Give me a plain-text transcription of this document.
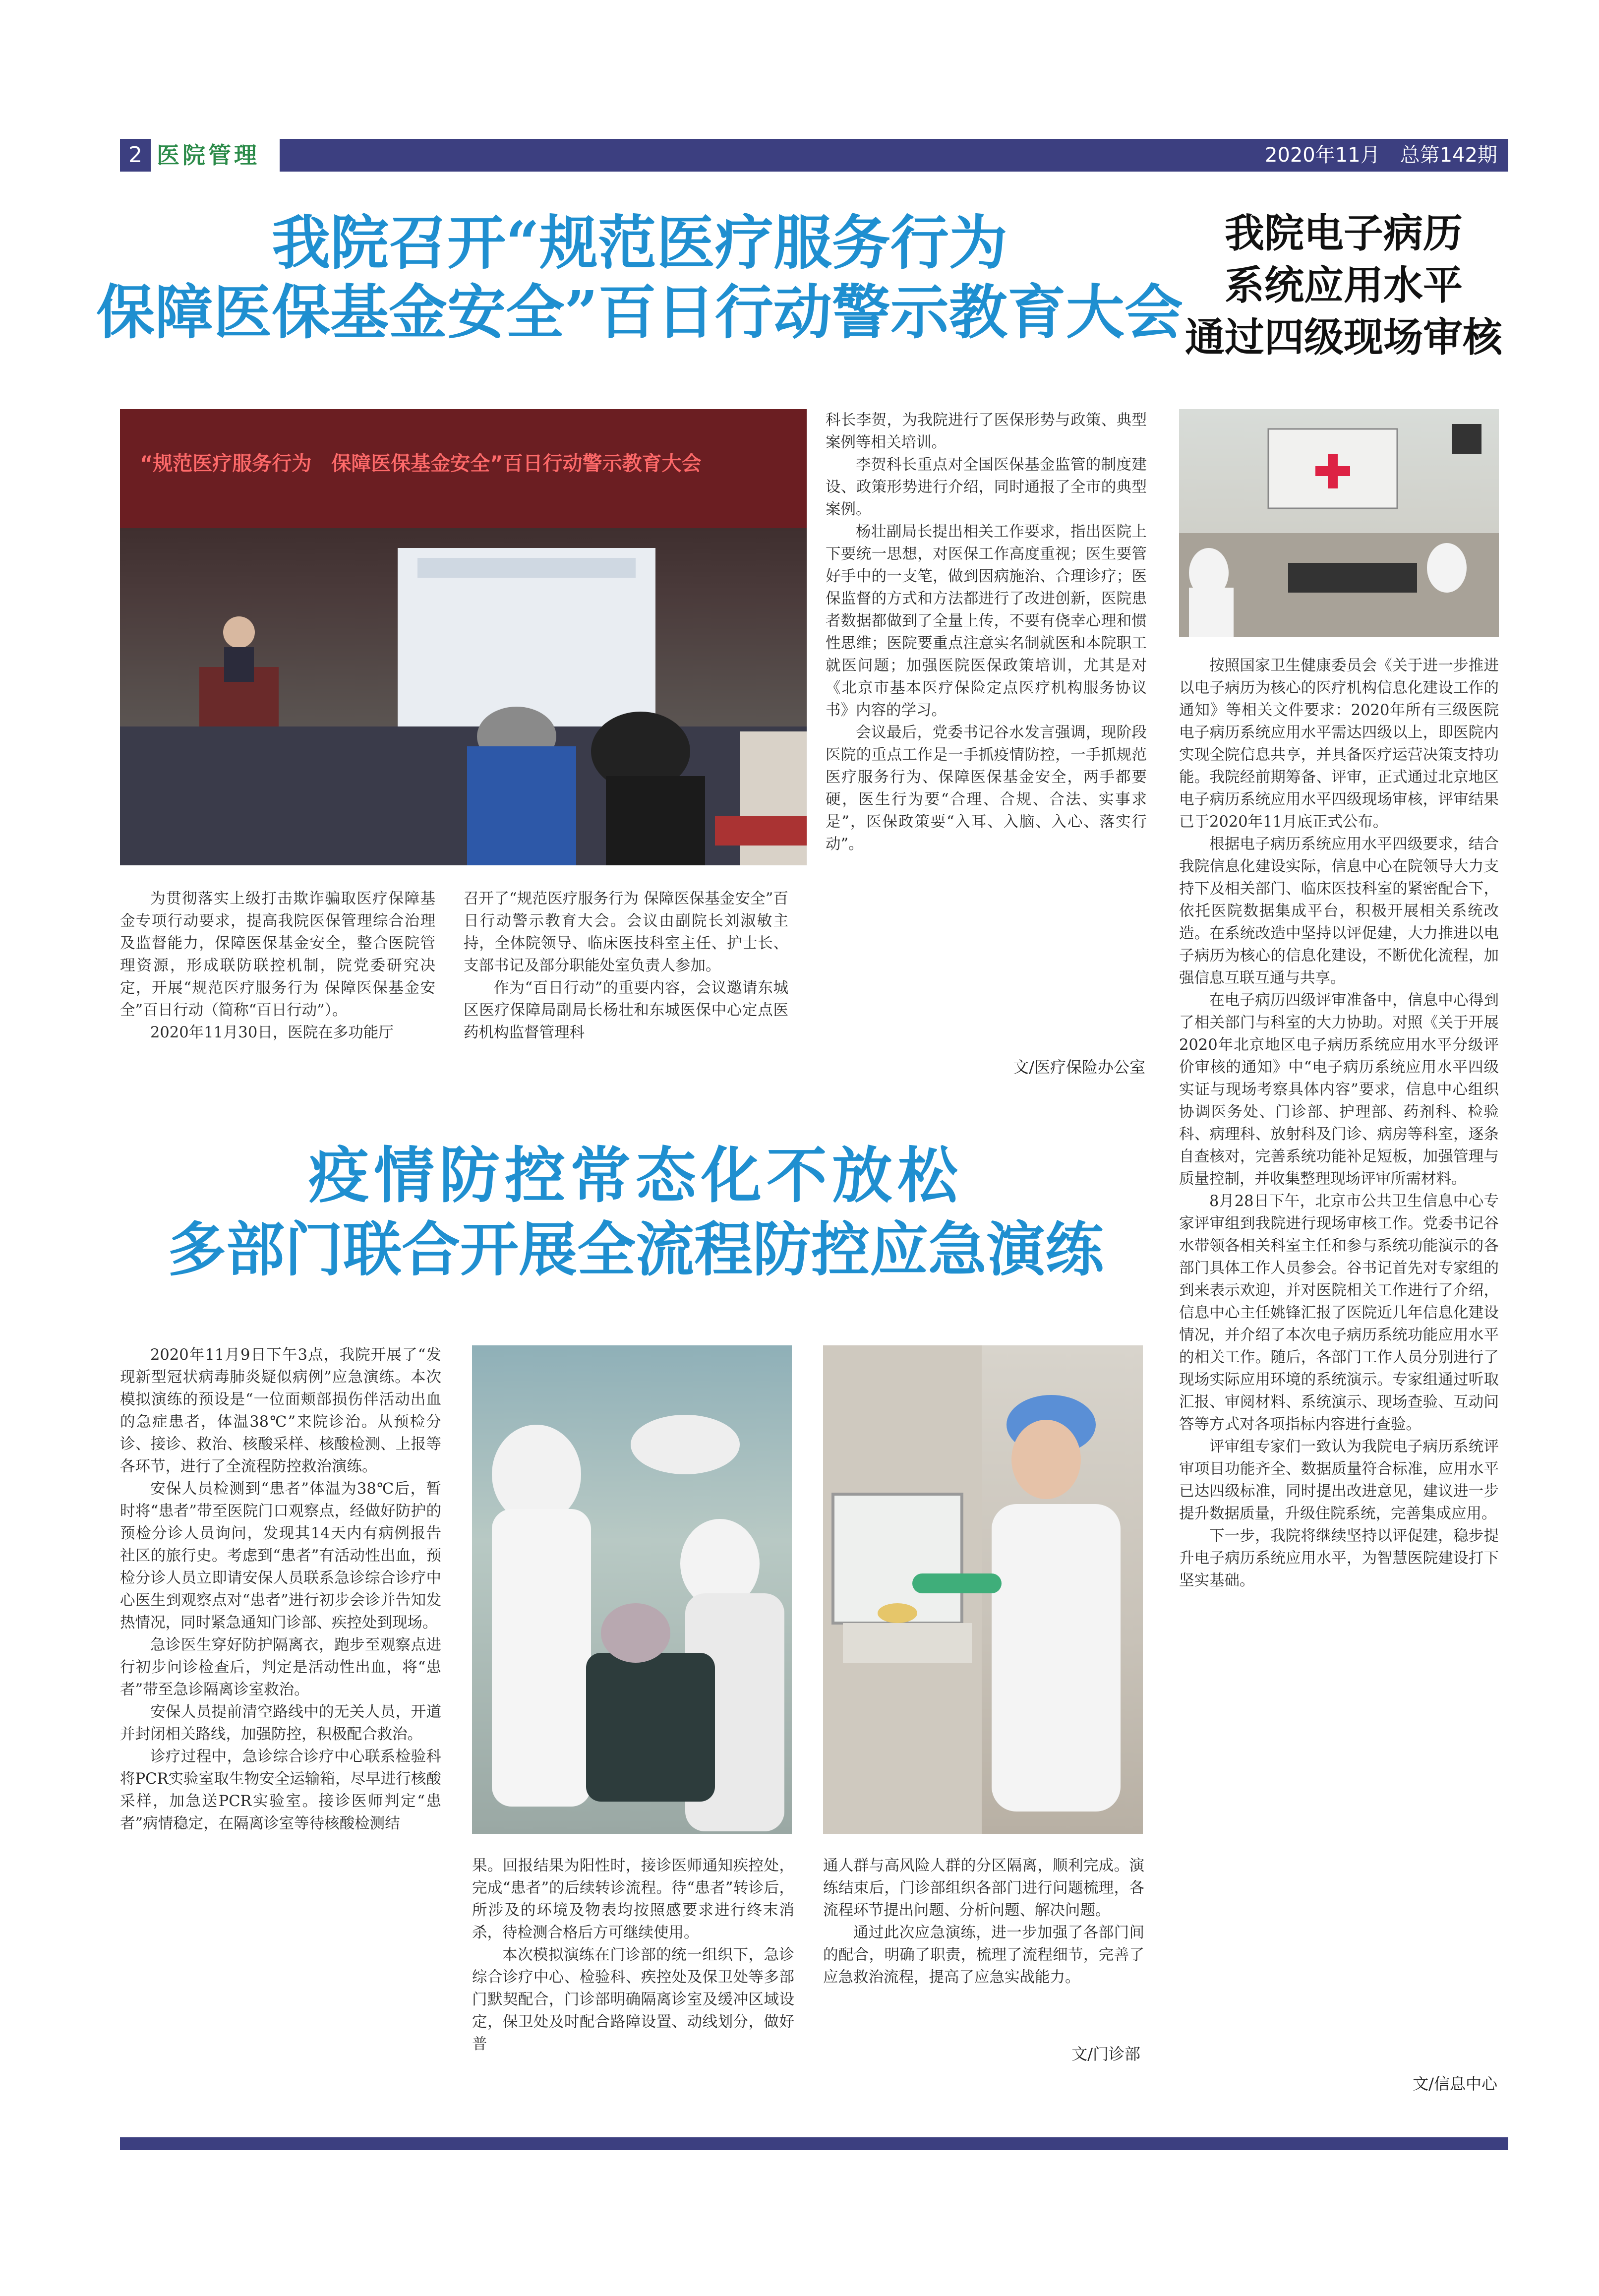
2 医院管理	2020年11月　总第142期
我院召开“规范医疗服务行为
保障医保基金安全”百日行动警示教育大会
“规范医疗服务行为　保障医保基金安全”百日行动警示教育大会

为贯彻落实上级打击欺诈骗取医疗保障基金专项行动要求，提高我院医保管理综合治理及监督能力，保障医保基金安全，整合医院管理资源，形成联防联控机制，院党委研究决定，开展“规范医疗服务行为 保障医保基金安全”百日行动（简称“百日行动”）。

2020年11月30日，医院在多功能厅

召开了“规范医疗服务行为 保障医保基金安全”百日行动警示教育大会。会议由副院长刘淑敏主持，全体院领导、临床医技科室主任、护士长、支部书记及部分职能处室负责人参加。

作为“百日行动”的重要内容，会议邀请东城区医疗保障局副局长杨壮和东城医保中心定点医药机构监督管理科

科长李贺，为我院进行了医保形势与政策、典型案例等相关培训。

李贺科长重点对全国医保基金监管的制度建设、政策形势进行介绍，同时通报了全市的典型案例。

杨壮副局长提出相关工作要求，指出医院上下要统一思想，对医保工作高度重视；医生要管好手中的一支笔，做到因病施治、合理诊疗；医保监督的方式和方法都进行了改进创新，医院患者数据都做到了全量上传，不要有侥幸心理和惯性思维；医院要重点注意实名制就医和本院职工就医问题；加强医院医保政策培训，尤其是对《北京市基本医疗保险定点医疗机构服务协议书》内容的学习。

会议最后，党委书记谷水发言强调，现阶段医院的重点工作是一手抓疫情防控，一手抓规范医疗服务行为、保障医保基金安全，两手都要硬，医生行为要“合理、合规、合法、实事求是”，医保政策要“入耳、入脑、入心、落实行动”。

文/医疗保险办公室
疫情防控常态化不放松
多部门联合开展全流程防控应急演练

2020年11月9日下午3点，我院开展了“发现新型冠状病毒肺炎疑似病例”应急演练。本次模拟演练的预设是“一位面颊部损伤伴活动出血的急症患者，体温38℃”来院诊治。从预检分诊、接诊、救治、核酸采样、核酸检测、上报等各环节，进行了全流程防控救治演练。

安保人员检测到“患者”体温为38℃后，暂时将“患者”带至医院门口观察点，经做好防护的预检分诊人员询问，发现其14天内有病例报告社区的旅行史。考虑到“患者”有活动性出血，预检分诊人员立即请安保人员联系急诊综合诊疗中心医生到观察点对“患者”进行初步会诊并告知发热情况，同时紧急通知门诊部、疾控处到现场。

急诊医生穿好防护隔离衣，跑步至观察点进行初步问诊检查后，判定是活动性出血，将“患者”带至急诊隔离诊室救治。

安保人员提前清空路线中的无关人员，开道并封闭相关路线，加强防控，积极配合救治。

诊疗过程中，急诊综合诊疗中心联系检验科将PCR实验室取生物安全运输箱，尽早进行核酸采样，加急送PCR实验室。接诊医师判定“患者”病情稳定，在隔离诊室等待核酸检测结

果。回报结果为阳性时，接诊医师通知疾控处，完成“患者”的后续转诊流程。待“患者”转诊后，所涉及的环境及物表均按照感要求进行终末消杀，待检测合格后方可继续使用。

本次模拟演练在门诊部的统一组织下，急诊综合诊疗中心、检验科、疾控处及保卫处等多部门默契配合，门诊部明确隔离诊室及缓冲区域设定，保卫处及时配合路障设置、动线划分，做好普

通人群与高风险人群的分区隔离，顺利完成。演练结束后，门诊部组织各部门进行问题梳理，各流程环节提出问题、分析问题、解决问题。

通过此次应急演练，进一步加强了各部门间的配合，明确了职责，梳理了流程细节，完善了应急救治流程，提高了应急实战能力。

文/门诊部
我院电子病历
系统应用水平
通过四级现场审核

按照国家卫生健康委员会《关于进一步推进以电子病历为核心的医疗机构信息化建设工作的通知》等相关文件要求：2020年所有三级医院电子病历系统应用水平需达四级以上，即医院内实现全院信息共享，并具备医疗运营决策支持功能。我院经前期筹备、评审，正式通过北京地区电子病历系统应用水平四级现场审核，评审结果已于2020年11月底正式公布。

根据电子病历系统应用水平四级要求，结合我院信息化建设实际，信息中心在院领导大力支持下及相关部门、临床医技科室的紧密配合下，依托医院数据集成平台，积极开展相关系统改造。在系统改造中坚持以评促建，大力推进以电子病历为核心的信息化建设，不断优化流程，加强信息互联互通与共享。

在电子病历四级评审准备中，信息中心得到了相关部门与科室的大力协助。对照《关于开展2020年北京地区电子病历系统应用水平分级评价审核的通知》中“电子病历系统应用水平四级实证与现场考察具体内容”要求，信息中心组织协调医务处、门诊部、护理部、药剂科、检验科、病理科、放射科及门诊、病房等科室，逐条自查核对，完善系统功能补足短板，加强管理与质量控制，并收集整理现场评审所需材料。

8月28日下午，北京市公共卫生信息中心专家评审组到我院进行现场审核工作。党委书记谷水带领各相关科室主任和参与系统功能演示的各部门具体工作人员参会。谷书记首先对专家组的到来表示欢迎，并对医院相关工作进行了介绍，信息中心主任姚锋汇报了医院近几年信息化建设情况，并介绍了本次电子病历系统功能应用水平的相关工作。随后，各部门工作人员分别进行了现场实际应用环境的系统演示。专家组通过听取汇报、审阅材料、系统演示、现场查验、互动问答等方式对各项指标内容进行查验。

评审组专家们一致认为我院电子病历系统评审项目功能齐全、数据质量符合标准，应用水平已达四级标准，同时提出改进意见，建议进一步提升数据质量，升级住院系统，完善集成应用。

下一步，我院将继续坚持以评促建，稳步提升电子病历系统应用水平，为智慧医院建设打下坚实基础。

文/信息中心
